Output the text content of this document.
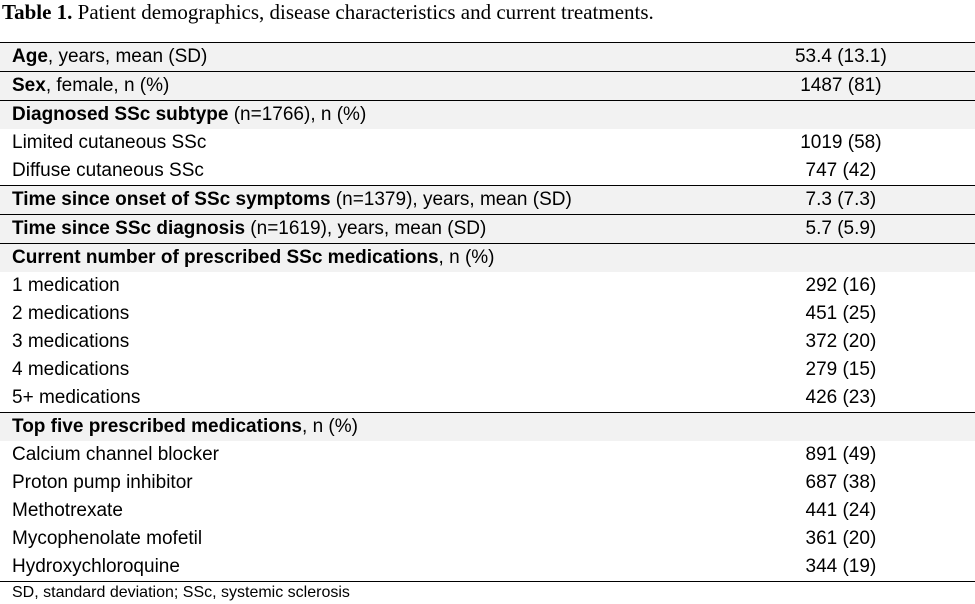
Table 1. Patient demographics, disease characteristics and current treatments.
Age, years, mean (SD)	53.4 (13.1)
Sex, female, n (%)	1487 (81)
Diagnosed SSc subtype (n=1766), n (%)	
Limited cutaneous SSc	1019 (58)
Diffuse cutaneous SSc	747 (42)
Time since onset of SSc symptoms (n=1379), years, mean (SD)	7.3 (7.3)
Time since SSc diagnosis (n=1619), years, mean (SD)	5.7 (5.9)
Current number of prescribed SSc medications, n (%)	
1 medication	292 (16)
2 medications	451 (25)
3 medications	372 (20)
4 medications	279 (15)
5+ medications	426 (23)
Top five prescribed medications, n (%)	
Calcium channel blocker	891 (49)
Proton pump inhibitor	687 (38)
Methotrexate	441 (24)
Mycophenolate mofetil	361 (20)
Hydroxychloroquine	344 (19)
SD, standard deviation; SSc, systemic sclerosis
